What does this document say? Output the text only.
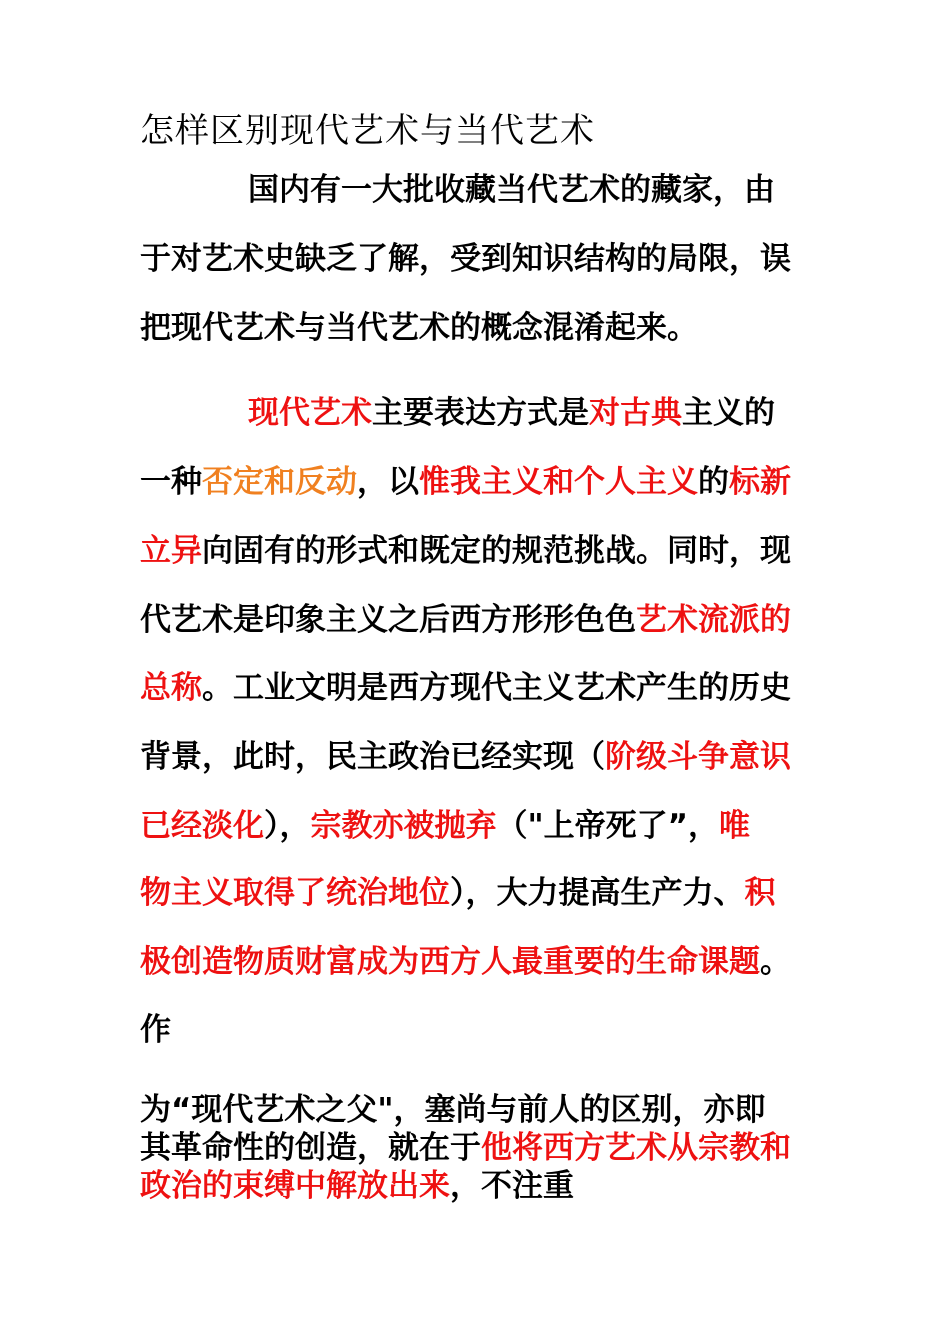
怎样区别现代艺术与当代艺术
国内有一大批收藏当代艺术的藏家，由
于对艺术史缺乏了解，受到知识结构的局限，误
把现代艺术与当代艺术的概念混淆起来。
现代艺术主要表达方式是对古典主义的
一种否定和反动，以惟我主义和个人主义的标新
立异向固有的形式和既定的规范挑战。同时，现
代艺术是印象主义之后西方形形色色艺术流派的
总称。工业文明是西方现代主义艺术产生的历史
背景，此时，民主政治已经实现（阶级斗争意识
已经淡化），宗教亦被抛弃（"上帝死了”，唯
物主义取得了统治地位），大力提高生产力、积
极创造物质财富成为西方人最重要的生命课题。
作
为“现代艺术之父"，塞尚与前人的区别，亦即
其革命性的创造，就在于他将西方艺术从宗教和
政治的束缚中解放出来，不注重
